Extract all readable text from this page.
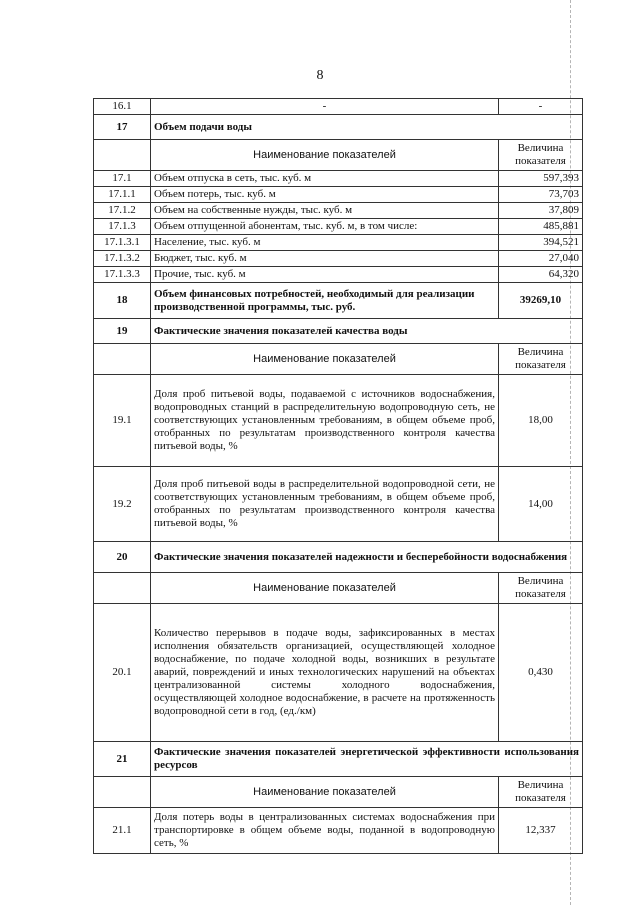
8
16.1	-	-
17	Объем подачи воды	
	Наименование показателей	Величина показателя
17.1	Объем отпуска в сеть, тыс. куб. м	597,393
17.1.1	Объем потерь, тыс. куб. м	73,703
17.1.2	Объем на собственные нужды, тыс. куб. м	37,809
17.1.3	Объем отпущенной абонентам, тыс. куб. м, в том числе:	485,881
17.1.3.1	Население, тыс. куб. м	394,521
17.1.3.2	Бюджет, тыс. куб. м	27,040
17.1.3.3	Прочие, тыс. куб. м	64,320
18	Объем финансовых потребностей, необходимый для реализации производственной программы, тыс. руб.	39269,10
19	Фактические значения показателей качества воды	
	Наименование показателей	Величина показателя
19.1	Доля проб питьевой воды, подаваемой с источников водоснабжения, водопроводных станций в распределительную водопроводную сеть, не соответствующих установленным требованиям, в общем объеме проб, отобранных по результатам производственного контроля качества питьевой воды, %	18,00
19.2	Доля проб питьевой воды в распределительной водопроводной сети, не соответствующих установленным требованиям, в общем объеме проб, отобранных по результатам производственного контроля качества питьевой воды, %	14,00
20	Фактические значения показателей надежности и бесперебойности водоснабжения	
	Наименование показателей	Величина показателя
20.1	Количество перерывов в подаче воды, зафиксированных в местах исполнения обязательств организацией, осуществляющей холодное водоснабжение, по подаче холодной воды, возникших в результате аварий, повреждений и иных технологических нарушений на объектах централизованной системы холодного водоснабжения, осуществляющей холодное водоснабжение, в расчете на протяженность водопроводной сети в год, (ед./км)	0,430
21	Фактические значения показателей энергетической эффективности использования ресурсов	
	Наименование показателей	Величина показателя
21.1	Доля потерь воды в централизованных системах водоснабжения при транспортировке в общем объеме воды, поданной в водопроводную сеть, %	12,337
